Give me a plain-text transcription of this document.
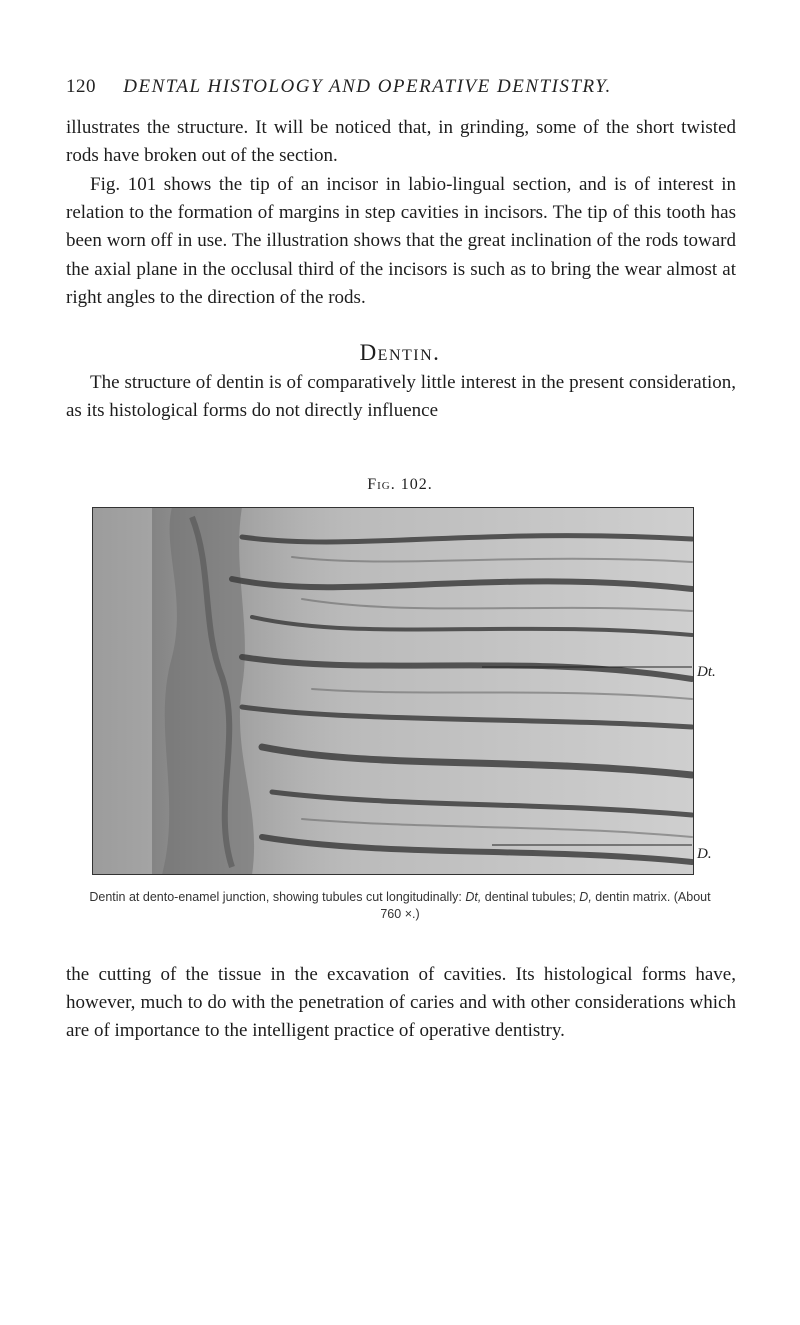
120 DENTAL HISTOLOGY AND OPERATIVE DENTISTRY.

illustrates the structure. It will be noticed that, in grinding, some of the short twisted rods have broken out of the section.

Fig. 101 shows the tip of an incisor in labio-lingual section, and is of interest in relation to the formation of margins in step cavities in incisors. The tip of this tooth has been worn off in use. The illustration shows that the great inclination of the rods toward the axial plane in the occlusal third of the incisors is such as to bring the wear almost at right angles to the direction of the rods.

Dentin.

The structure of dentin is of comparatively little interest in the present consideration, as its histological forms do not directly influence

Fig. 102.
Dt.
D.
Dentin at dento-enamel junction, showing tubules cut longitudinally: Dt, dentinal tubules; D, dentin matrix. (About 760 ×.)

the cutting of the tissue in the excavation of cavities. Its histological forms have, however, much to do with the penetration of caries and with other considerations which are of importance to the intelligent practice of operative dentistry.
